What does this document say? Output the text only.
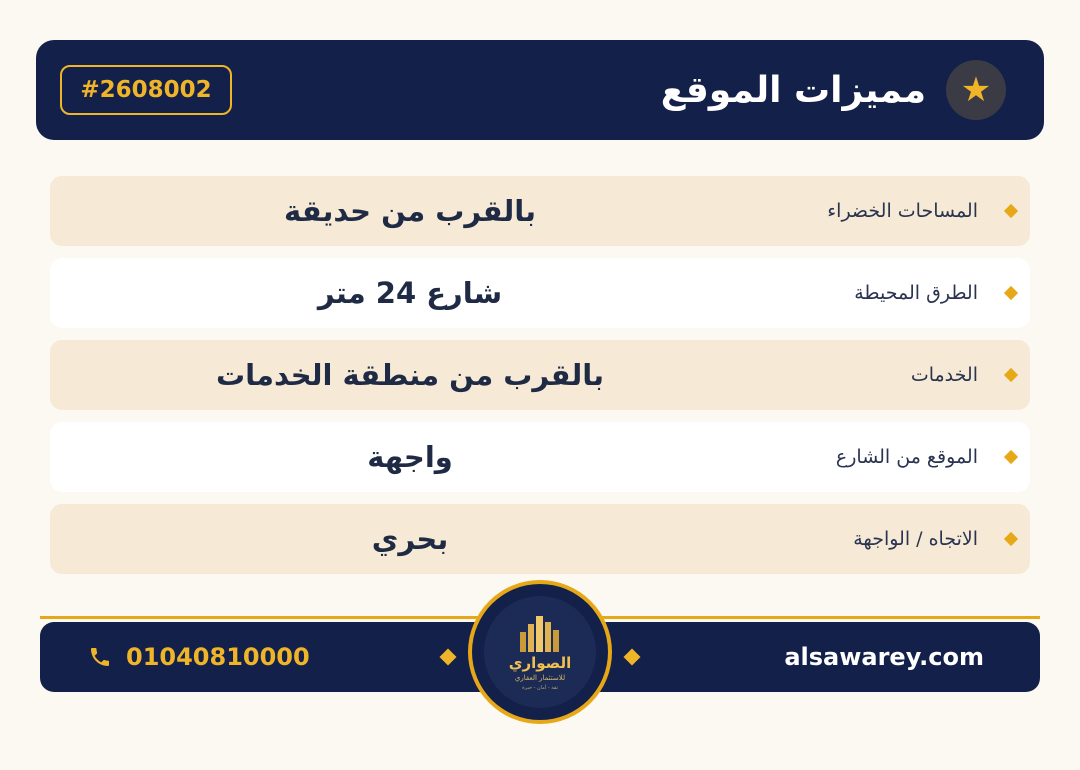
★
مميزات الموقع
#2608002
المساحات الخضراء
بالقرب من حديقة
الطرق المحيطة
شارع 24 متر
الخدمات
بالقرب من منطقة الخدمات
الموقع من الشارع
واجهة
الاتجاه / الواجهة
بحري
alsawarey.com
01040810000	الصواري
للاستثمار العقاري
ثقة - أمان - خبرة
